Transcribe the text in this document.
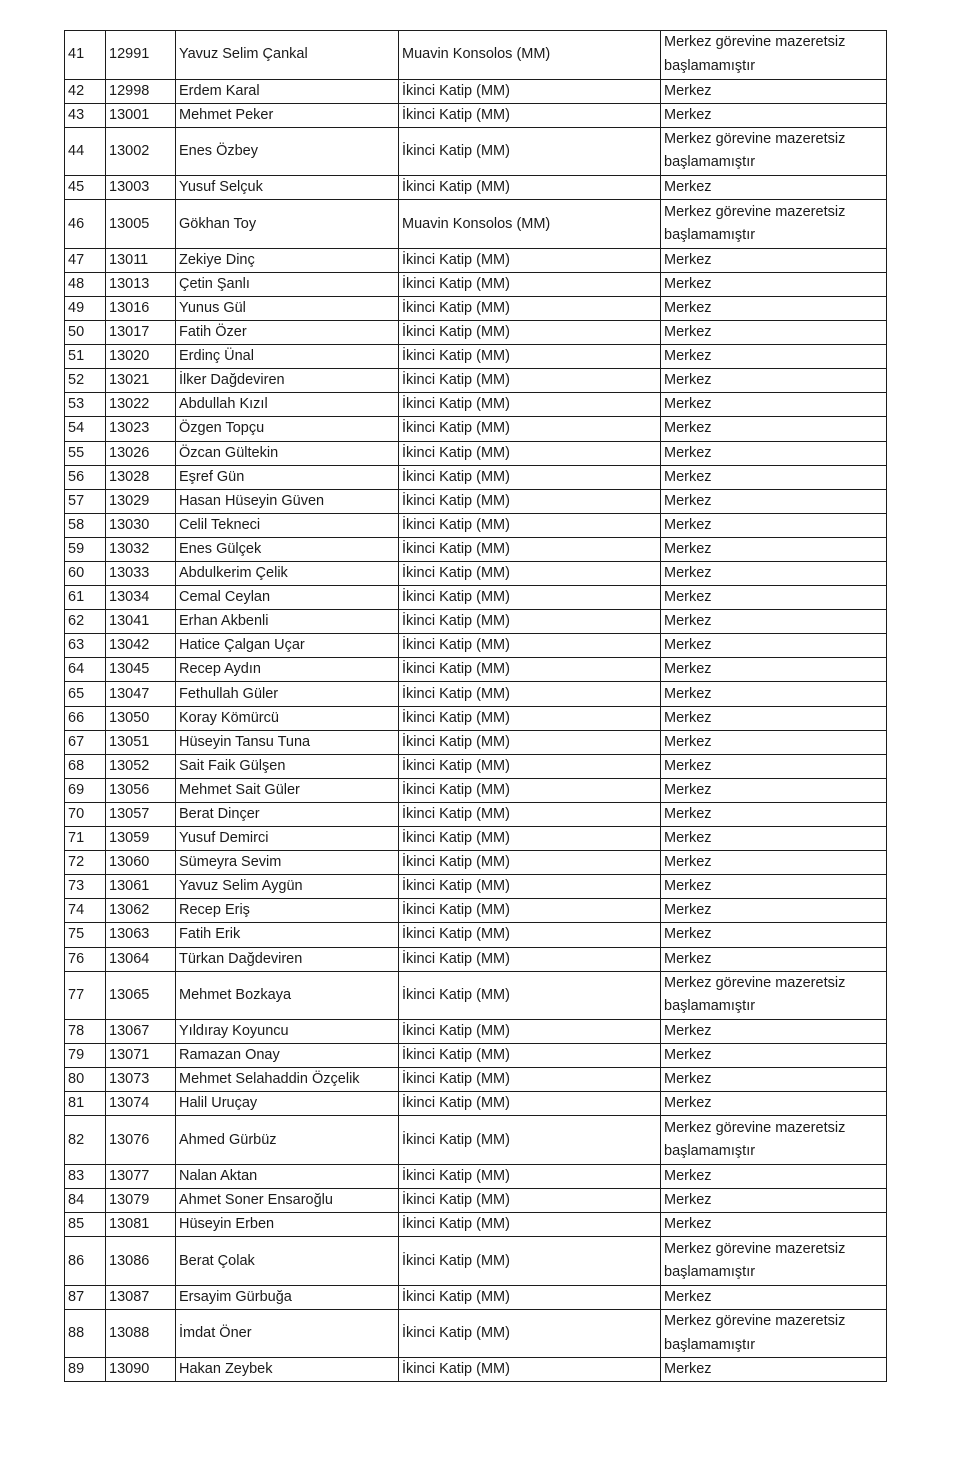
41	12991	Yavuz Selim Çankal	Muavin Konsolos (MM)	Merkez görevine mazeretsiz
başlamamıştır

42	12998	Erdem Karal	İkinci Katip (MM)	Merkez
43	13001	Mehmet Peker	İkinci Katip (MM)	Merkez
44	13002	Enes Özbey	İkinci Katip (MM)	Merkez görevine mazeretsiz
başlamamıştır

45	13003	Yusuf Selçuk	İkinci Katip (MM)	Merkez
46	13005	Gökhan Toy	Muavin Konsolos (MM)	Merkez görevine mazeretsiz
başlamamıştır

47	13011	Zekiye Dinç	İkinci Katip (MM)	Merkez
48	13013	Çetin Şanlı	İkinci Katip (MM)	Merkez
49	13016	Yunus Gül	İkinci Katip (MM)	Merkez
50	13017	Fatih Özer	İkinci Katip (MM)	Merkez
51	13020	Erdinç Ünal	İkinci Katip (MM)	Merkez
52	13021	İlker Dağdeviren	İkinci Katip (MM)	Merkez
53	13022	Abdullah Kızıl	İkinci Katip (MM)	Merkez
54	13023	Özgen Topçu	İkinci Katip (MM)	Merkez
55	13026	Özcan Gültekin	İkinci Katip (MM)	Merkez
56	13028	Eşref Gün	İkinci Katip (MM)	Merkez
57	13029	Hasan Hüseyin Güven	İkinci Katip (MM)	Merkez
58	13030	Celil Tekneci	İkinci Katip (MM)	Merkez
59	13032	Enes Gülçek	İkinci Katip (MM)	Merkez
60	13033	Abdulkerim Çelik	İkinci Katip (MM)	Merkez
61	13034	Cemal Ceylan	İkinci Katip (MM)	Merkez
62	13041	Erhan Akbenli	İkinci Katip (MM)	Merkez
63	13042	Hatice Çalgan Uçar	İkinci Katip (MM)	Merkez
64	13045	Recep Aydın	İkinci Katip (MM)	Merkez
65	13047	Fethullah Güler	İkinci Katip (MM)	Merkez
66	13050	Koray Kömürcü	İkinci Katip (MM)	Merkez
67	13051	Hüseyin Tansu Tuna	İkinci Katip (MM)	Merkez
68	13052	Sait Faik Gülşen	İkinci Katip (MM)	Merkez
69	13056	Mehmet Sait Güler	İkinci Katip (MM)	Merkez
70	13057	Berat Dinçer	İkinci Katip (MM)	Merkez
71	13059	Yusuf Demirci	İkinci Katip (MM)	Merkez
72	13060	Sümeyra Sevim	İkinci Katip (MM)	Merkez
73	13061	Yavuz Selim Aygün	İkinci Katip (MM)	Merkez
74	13062	Recep Eriş	İkinci Katip (MM)	Merkez
75	13063	Fatih Erik	İkinci Katip (MM)	Merkez
76	13064	Türkan Dağdeviren	İkinci Katip (MM)	Merkez
77	13065	Mehmet Bozkaya	İkinci Katip (MM)	Merkez görevine mazeretsiz
başlamamıştır

78	13067	Yıldıray Koyuncu	İkinci Katip (MM)	Merkez
79	13071	Ramazan Onay	İkinci Katip (MM)	Merkez
80	13073	Mehmet Selahaddin Özçelik	İkinci Katip (MM)	Merkez
81	13074	Halil Uruçay	İkinci Katip (MM)	Merkez
82	13076	Ahmed Gürbüz	İkinci Katip (MM)	Merkez görevine mazeretsiz
başlamamıştır

83	13077	Nalan Aktan	İkinci Katip (MM)	Merkez
84	13079	Ahmet Soner Ensaroğlu	İkinci Katip (MM)	Merkez
85	13081	Hüseyin Erben	İkinci Katip (MM)	Merkez
86	13086	Berat Çolak	İkinci Katip (MM)	Merkez görevine mazeretsiz
başlamamıştır

87	13087	Ersayim Gürbuğa	İkinci Katip (MM)	Merkez
88	13088	İmdat Öner	İkinci Katip (MM)	Merkez görevine mazeretsiz
başlamamıştır

89	13090	Hakan Zeybek	İkinci Katip (MM)	Merkez
